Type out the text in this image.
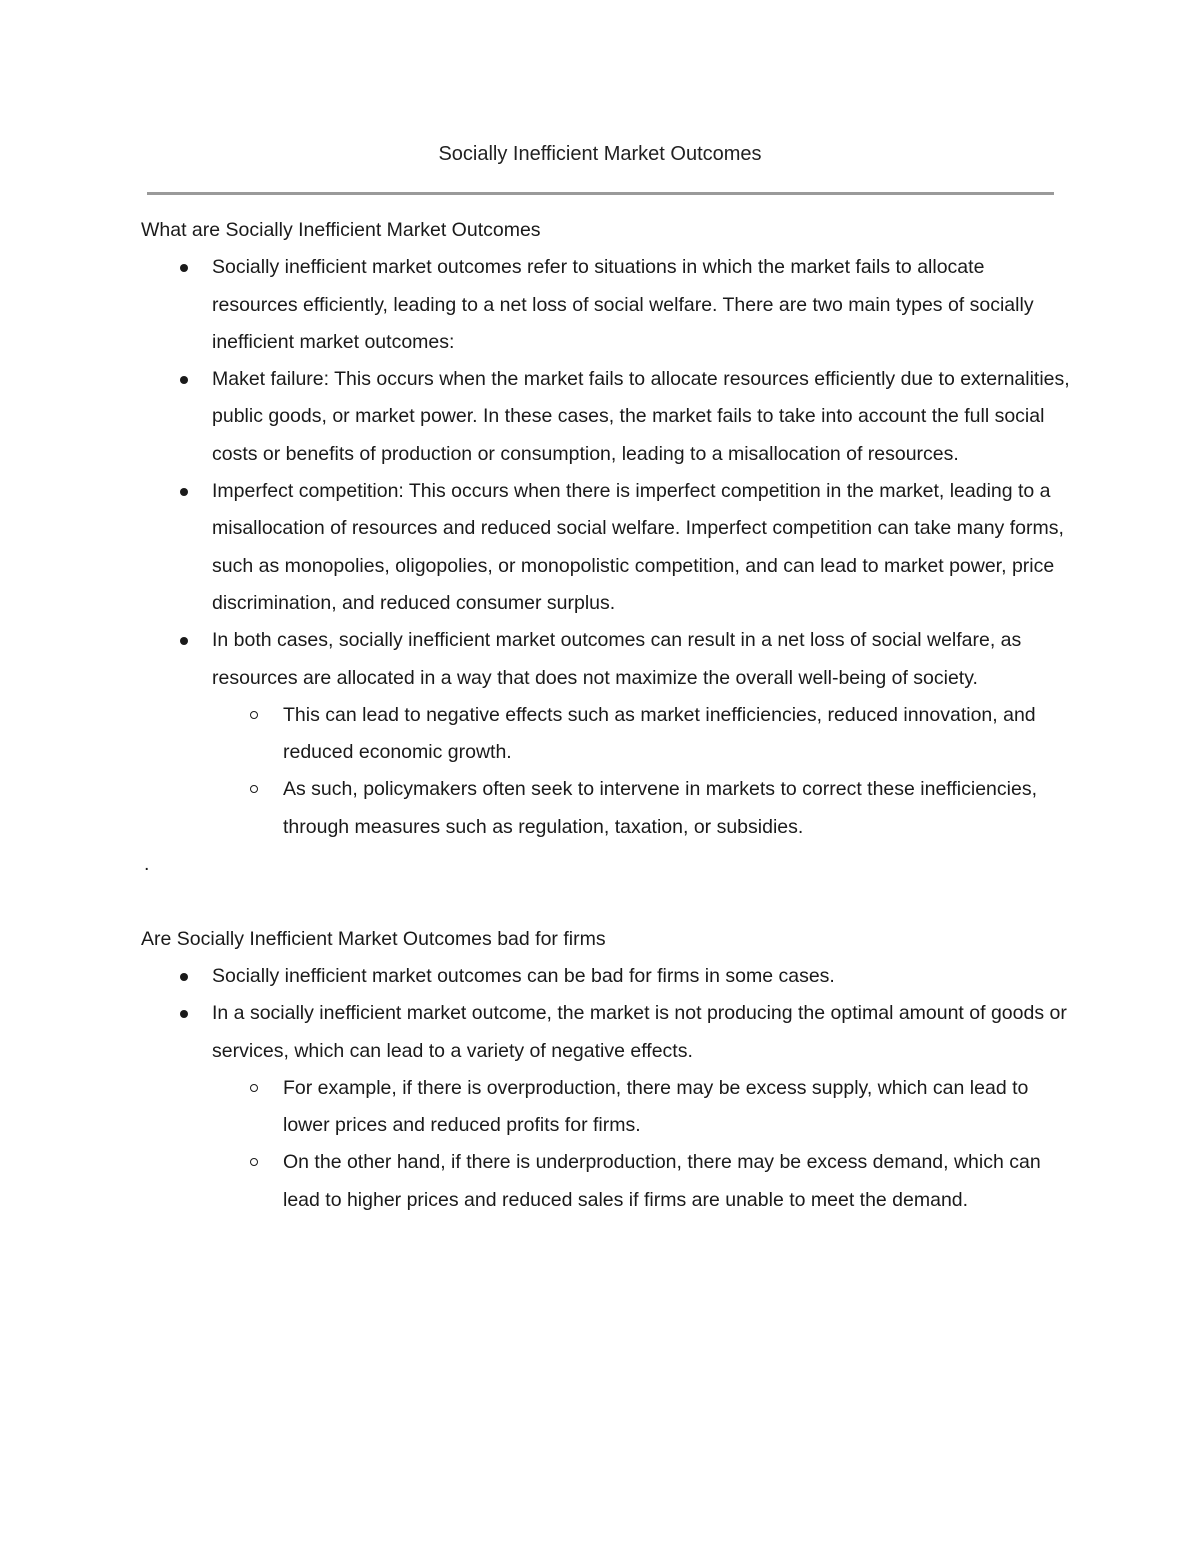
Socially Inefficient Market Outcomes
What are Socially Inefficient Market Outcomes
Socially inefficient market outcomes refer to situations in which the market fails to allocate resources efficiently, leading to a net loss of social welfare. There are two main types of socially inefficient market outcomes:
Maket failure: This occurs when the market fails to allocate resources efficiently due to externalities, public goods, or market power. In these cases, the market fails to take into account the full social costs or benefits of production or consumption, leading to a misallocation of resources.
Imperfect competition: This occurs when there is imperfect competition in the market, leading to a misallocation of resources and reduced social welfare. Imperfect competition can take many forms, such as monopolies, oligopolies, or monopolistic competition, and can lead to market power, price discrimination, and reduced consumer surplus.
In both cases, socially inefficient market outcomes can result in a net loss of social welfare, as resources are allocated in a way that does not maximize the overall well-being of society.
This can lead to negative effects such as market inefficiencies, reduced innovation, and reduced economic growth.
As such, policymakers often seek to intervene in markets to correct these inefficiencies, through measures such as regulation, taxation, or subsidies.
.
Are Socially Inefficient Market Outcomes bad for firms
Socially inefficient market outcomes can be bad for firms in some cases.
In a socially inefficient market outcome, the market is not producing the optimal amount of goods or services, which can lead to a variety of negative effects.
For example, if there is overproduction, there may be excess supply, which can lead to lower prices and reduced profits for firms.
On the other hand, if there is underproduction, there may be excess demand, which can lead to higher prices and reduced sales if firms are unable to meet the demand.
